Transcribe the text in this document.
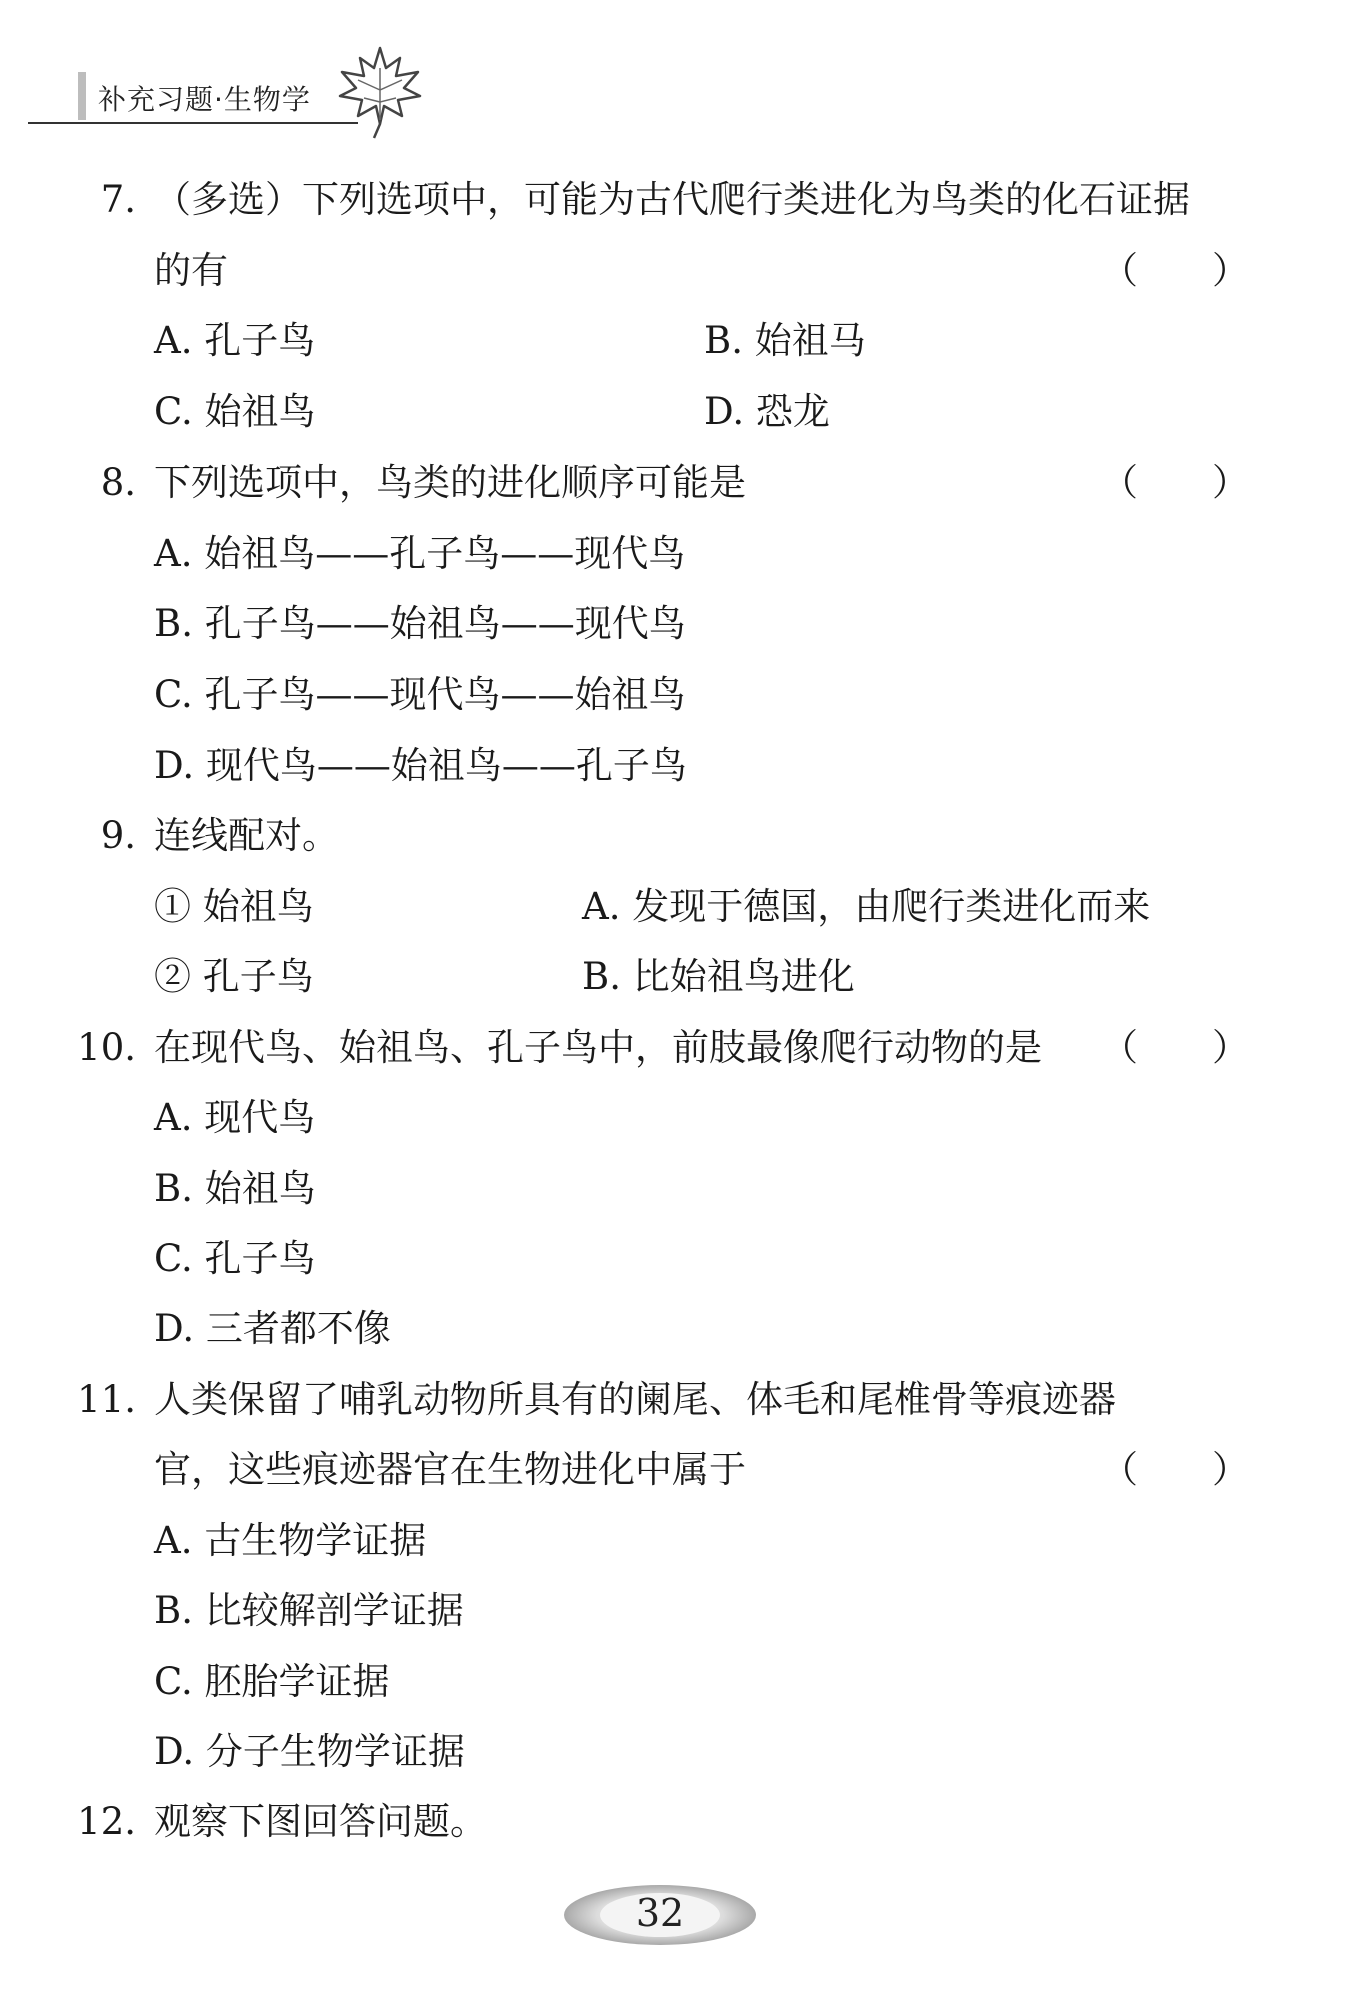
补充习题·生物学
7. （多选）下列选项中，可能为古代爬行类进化为鸟类的化石证据
的有	（　　）
A. 孔子鸟	B. 始祖马
C. 始祖鸟	D. 恐龙
8. 下列选项中，鸟类的进化顺序可能是	（　　）
A. 始祖鸟——孔子鸟——现代鸟
B. 孔子鸟——始祖鸟——现代鸟
C. 孔子鸟——现代鸟——始祖鸟
D. 现代鸟——始祖鸟——孔子鸟
9. 连线配对。
① 始祖鸟	A. 发现于德国，由爬行类进化而来
② 孔子鸟	B. 比始祖鸟进化
10. 在现代鸟、始祖鸟、孔子鸟中，前肢最像爬行动物的是 （　　）
A. 现代鸟
B. 始祖鸟
C. 孔子鸟
D. 三者都不像
11. 人类保留了哺乳动物所具有的阑尾、体毛和尾椎骨等痕迹器
官，这些痕迹器官在生物进化中属于	（　　）
A. 古生物学证据
B. 比较解剖学证据
C. 胚胎学证据
D. 分子生物学证据
12. 观察下图回答问题。
32
